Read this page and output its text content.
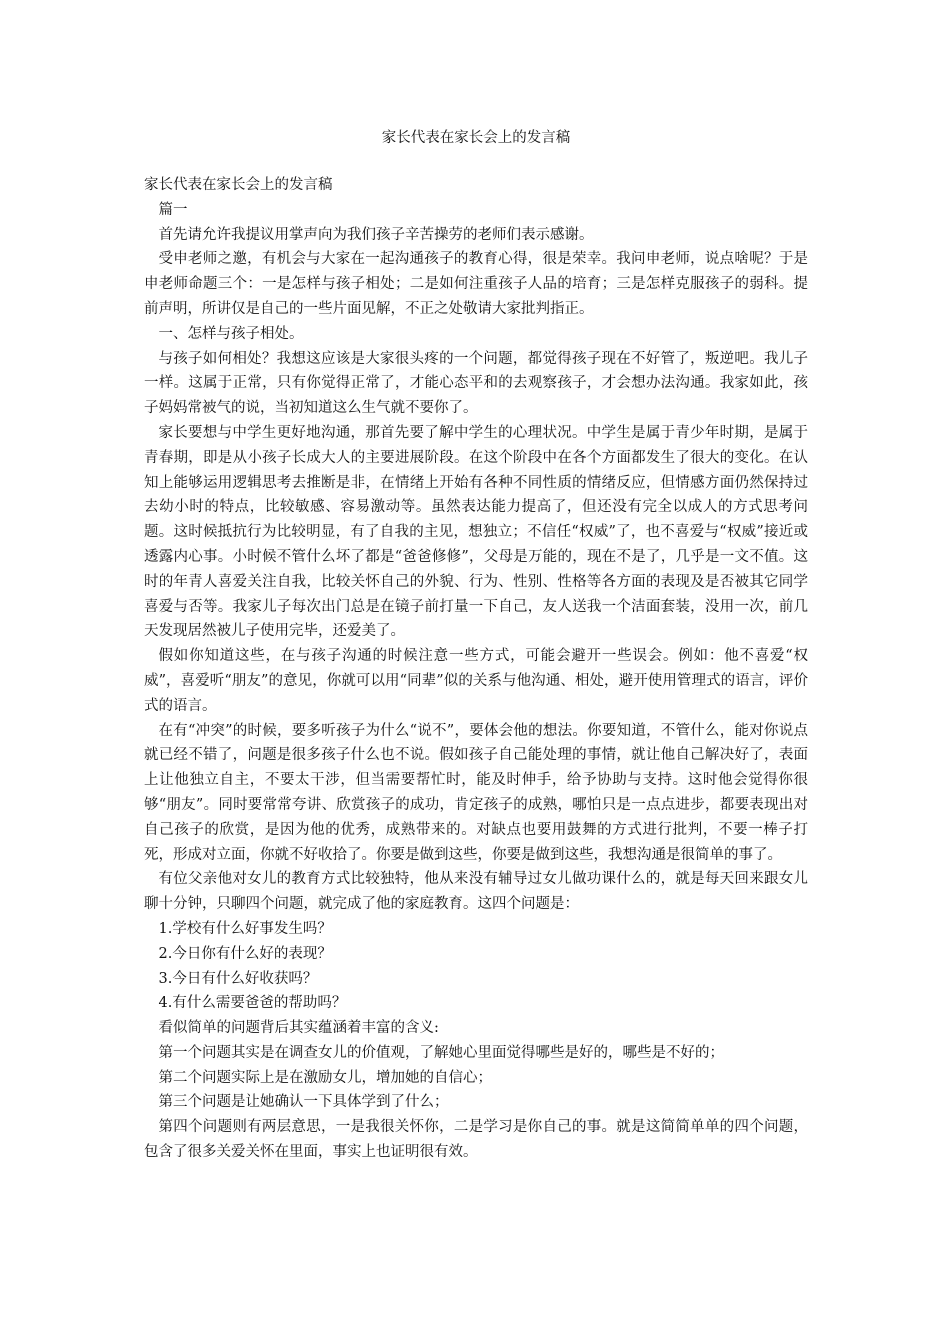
家长代表在家长会上的发言稿

家长代表在家长会上的发言稿

篇一

首先请允许我提议用掌声向为我们孩子辛苦操劳的老师们表示感谢。

受申老师之邀，有机会与大家在一起沟通孩子的教育心得，很是荣幸。我问申老师，说点啥呢？于是申老师命题三个：一是怎样与孩子相处；二是如何注重孩子人品的培育；三是怎样克服孩子的弱科。提前声明，所讲仅是自己的一些片面见解，不正之处敬请大家批判指正。

一、怎样与孩子相处。

与孩子如何相处？我想这应该是大家很头疼的一个问题，都觉得孩子现在不好管了，叛逆吧。我儿子一样。这属于正常，只有你觉得正常了，才能心态平和的去观察孩子，才会想办法沟通。我家如此，孩子妈妈常被气的说，当初知道这么生气就不要你了。

家长要想与中学生更好地沟通，那首先要了解中学生的心理状况。中学生是属于青少年时期，是属于青春期，即是从小孩子长成大人的主要进展阶段。在这个阶段中在各个方面都发生了很大的变化。在认知上能够运用逻辑思考去推断是非，在情绪上开始有各种不同性质的情绪反应，但情感方面仍然保持过去幼小时的特点，比较敏感、容易激动等。虽然表达能力提高了，但还没有完全以成人的方式思考问题。这时候抵抗行为比较明显，有了自我的主见，想独立；不信任“权威”了，也不喜爱与“权威”接近或透露内心事。小时候不管什么坏了都是“爸爸修修”，父母是万能的，现在不是了，几乎是一文不值。这时的年青人喜爱关注自我，比较关怀自己的外貌、行为、性别、性格等各方面的表现及是否被其它同学喜爱与否等。我家儿子每次出门总是在镜子前打量一下自己，友人送我一个洁面套装，没用一次，前几天发现居然被儿子使用完毕，还爱美了。

假如你知道这些，在与孩子沟通的时候注意一些方式，可能会避开一些误会。例如：他不喜爱“权威”，喜爱听“朋友”的意见，你就可以用“同辈”似的关系与他沟通、相处，避开使用管理式的语言，评价式的语言。

在有“冲突”的时候，要多听孩子为什么“说不”，要体会他的想法。你要知道，不管什么，能对你说点就已经不错了，问题是很多孩子什么也不说。假如孩子自己能处理的事情，就让他自己解决好了，表面上让他独立自主，不要太干涉，但当需要帮忙时，能及时伸手，给予协助与支持。这时他会觉得你很够“朋友”。同时要常常夸讲、欣赏孩子的成功，肯定孩子的成熟，哪怕只是一点点进步，都要表现出对自己孩子的欣赏，是因为他的优秀，成熟带来的。对缺点也要用鼓舞的方式进行批判，不要一棒子打死，形成对立面，你就不好收拾了。你要是做到这些，你要是做到这些，我想沟通是很简单的事了。

有位父亲他对女儿的教育方式比较独特，他从来没有辅导过女儿做功课什么的，就是每天回来跟女儿聊十分钟，只聊四个问题，就完成了他的家庭教育。这四个问题是：

1.学校有什么好事发生吗？

2.今日你有什么好的表现？

3.今日有什么好收获吗？

4.有什么需要爸爸的帮助吗？

看似简单的问题背后其实蕴涵着丰富的含义:

第一个问题其实是在调查女儿的价值观，了解她心里面觉得哪些是好的，哪些是不好的；

第二个问题实际上是在激励女儿，增加她的自信心；

第三个问题是让她确认一下具体学到了什么；

第四个问题则有两层意思，一是我很关怀你，二是学习是你自己的事。就是这简简单单的四个问题，包含了很多关爱关怀在里面，事实上也证明很有效。
